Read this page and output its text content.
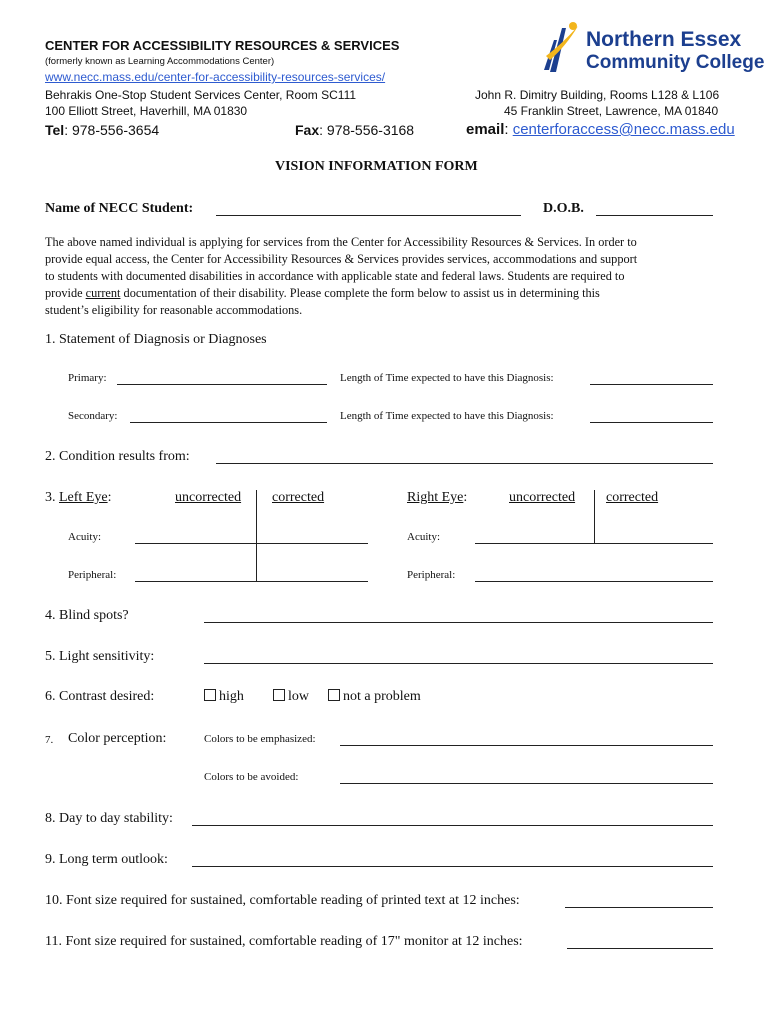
CENTER FOR ACCESSIBILITY RESOURCES & SERVICES
(formerly known as Learning Accommodations Center)
www.necc.mass.edu/center-for-accessibility-resources-services/
Behrakis One-Stop Student Services Center, Room SC111
100 Elliott Street, Haverhill, MA 01830
John R. Dimitry Building, Rooms L128 & L106
45 Franklin Street, Lawrence, MA 01840
Tel: 978-556-3654	Fax: 978-556-3168	email: centerforaccess@necc.mass.edu
Northern Essex
Community College
VISION INFORMATION FORM
Name of NECC Student:	D.O.B.
The above named individual is applying for services from the Center for Accessibility Resources & Services. In order to
provide equal access, the Center for Accessibility Resources & Services provides services, accommodations and support
to students with documented disabilities in accordance with applicable state and federal laws. Students are required to
provide current documentation of their disability. Please complete the form below to assist us in determining this
student’s eligibility for reasonable accommodations.
1. Statement of Diagnosis or Diagnoses
Primary:	Length of Time expected to have this Diagnosis:
Secondary:	Length of Time expected to have this Diagnosis:
2. Condition results from:
3. Left Eye:	uncorrected corrected	Right Eye:	uncorrected corrected
Acuity:	Acuity:
Peripheral:	Peripheral:
4. Blind spots?
5. Light sensitivity:
6. Contrast desired:	high	low	not a problem
7. Color perception:	Colors to be emphasized:
Colors to be avoided:
8. Day to day stability:
9. Long term outlook:
10. Font size required for sustained, comfortable reading of printed text at 12 inches:
11. Font size required for sustained, comfortable reading of 17" monitor at 12 inches:
